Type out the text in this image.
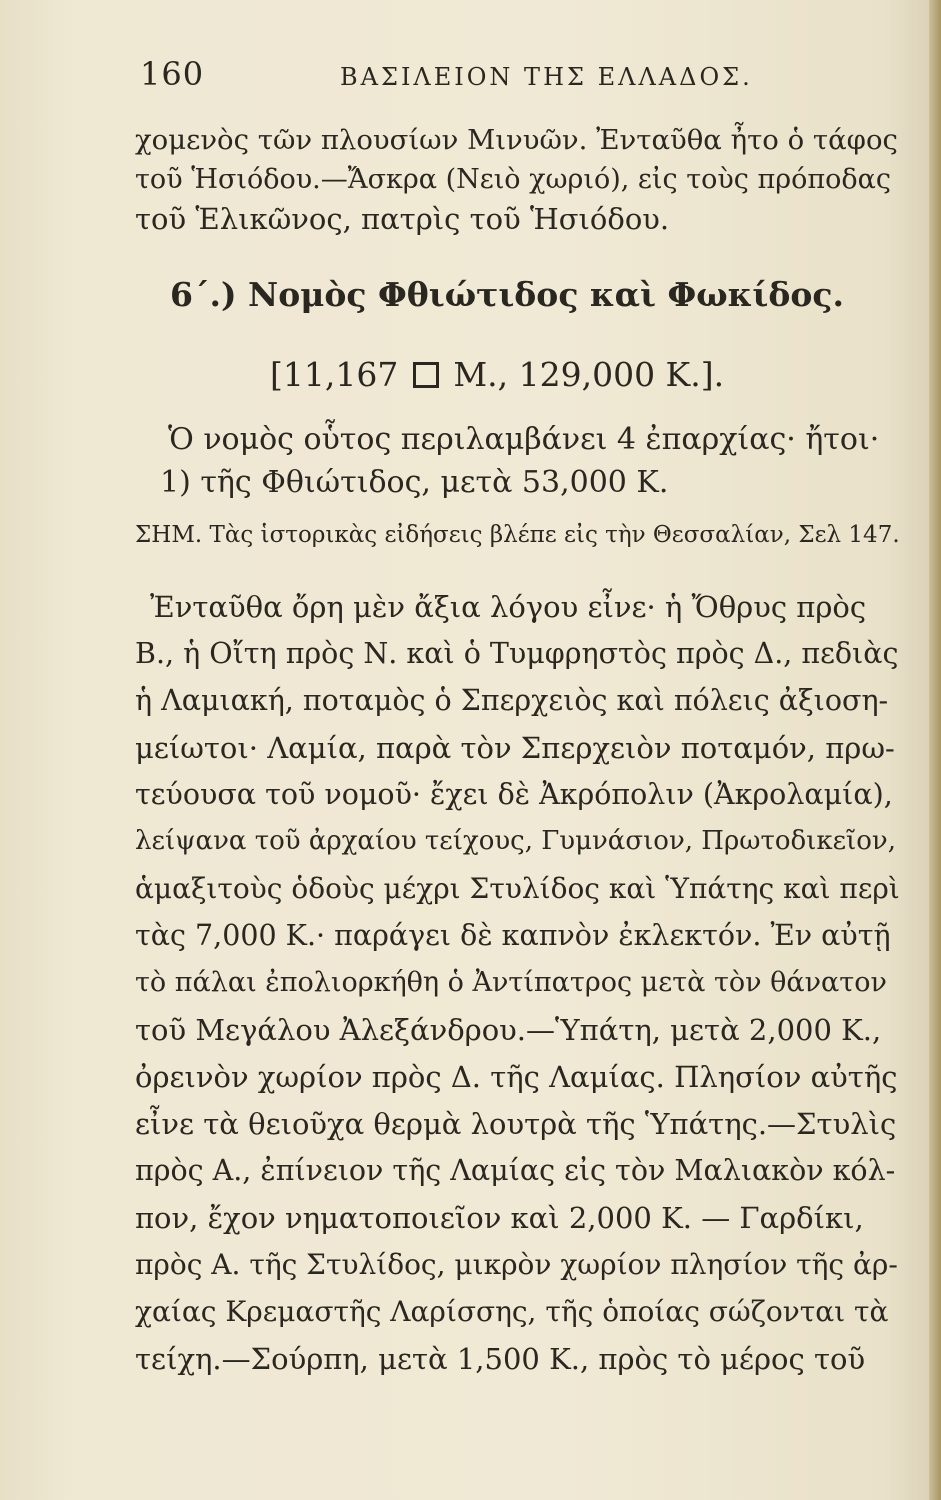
160	ΒΑΣΙΛΕΙΟΝ ΤΗΣ ΕΛΛΑΔΟΣ.
χομενὸς τῶν πλουσίων Μινυῶν. Ἐνταῦθα ἦτο ὁ τάφος
τοῦ Ἡσιόδου.—Ἄσκρα (Νειὸ χωριό), εἰς τοὺς πρόποδας
τοῦ Ἑλικῶνος, πατρὶς τοῦ Ἡσιόδου.
6΄.) Νομὸς Φθιώτιδος καὶ Φωκίδος.
[11,167 Μ., 129,000 Κ.].
Ὁ νομὸς οὗτος περιλαμβάνει 4 ἐπαρχίας· ἤτοι·
1) τῆς Φθιώτιδος, μετὰ 53,000 Κ.
ΣΗΜ. Τὰς ἱστορικὰς εἰδήσεις βλέπε εἰς τὴν Θεσσαλίαν, Σελ 147.
Ἐνταῦθα ὄρη μὲν ἄξια λόγου εἶνε· ἡ Ὄθρυς πρὸς
Β., ἡ Οἴτη πρὸς Ν. καὶ ὁ Τυμφρηστὸς πρὸς Δ., πεδιὰς
ἡ Λαμιακή, ποταμὸς ὁ Σπερχειὸς καὶ πόλεις ἀξιοση-
μείωτοι· Λαμία, παρὰ τὸν Σπερχειὸν ποταμόν, πρω-
τεύουσα τοῦ νομοῦ· ἔχει δὲ Ἀκρόπολιν (Ἀκρολαμία),
λείψανα τοῦ ἀρχαίου τείχους, Γυμνάσιον, Πρωτοδικεῖον,
ἁμαξιτοὺς ὁδοὺς μέχρι Στυλίδος καὶ Ὑπάτης καὶ περὶ
τὰς 7,000 Κ.· παράγει δὲ καπνὸν ἐκλεκτόν. Ἐν αὐτῇ
τὸ πάλαι ἐπολιορκήθη ὁ Ἀντίπατρος μετὰ τὸν θάνατον
τοῦ Μεγάλου Ἀλεξάνδρου.—Ὑπάτη, μετὰ 2,000 Κ.,
ὀρεινὸν χωρίον πρὸς Δ. τῆς Λαμίας. Πλησίον αὐτῆς
εἶνε τὰ θειοῦχα θερμὰ λουτρὰ τῆς Ὑπάτης.—Στυλὶς
πρὸς Α., ἐπίνειον τῆς Λαμίας εἰς τὸν Μαλιακὸν κόλ-
πον, ἔχον νηματοποιεῖον καὶ 2,000 Κ. — Γαρδίκι,
πρὸς Α. τῆς Στυλίδος, μικρὸν χωρίον πλησίον τῆς ἀρ-
χαίας Κρεμαστῆς Λαρίσσης, τῆς ὁποίας σώζονται τὰ
τείχη.—Σούρπη, μετὰ 1,500 Κ., πρὸς τὸ μέρος τοῦ
